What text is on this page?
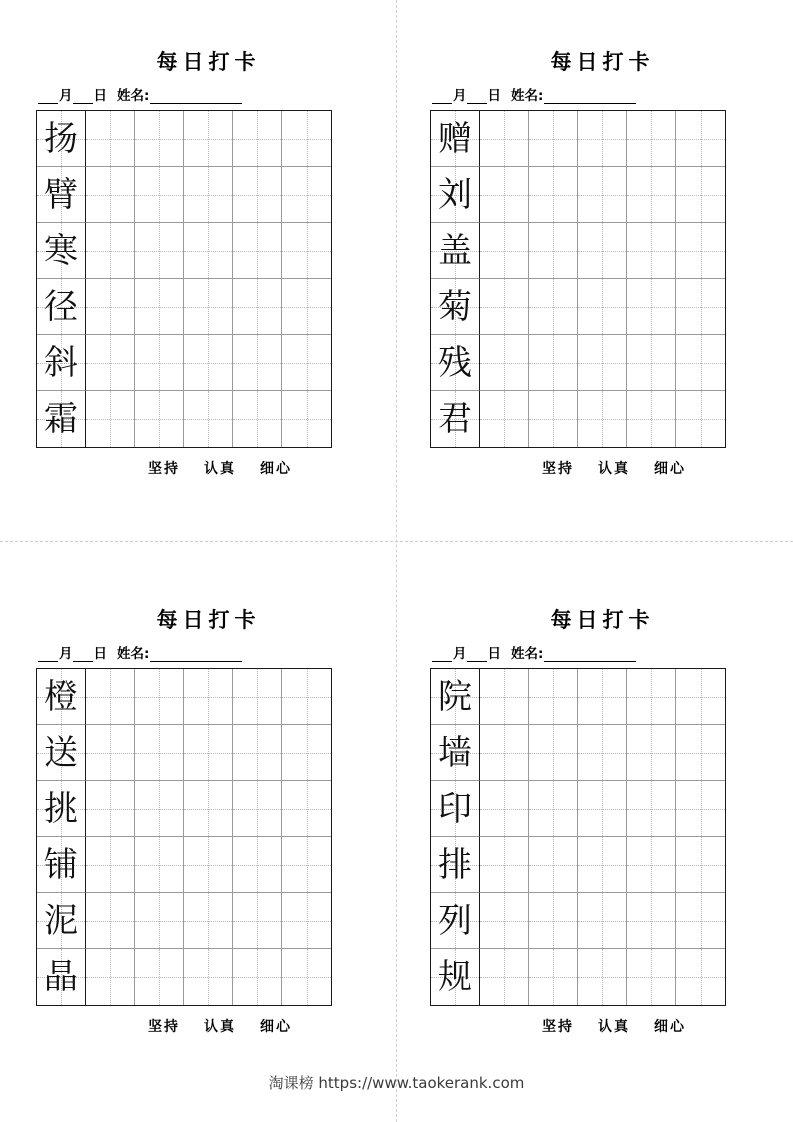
每日打卡
月 日 姓名:
扬
臂
寒
径
斜
霜
坚持 认真 细心
每日打卡
月 日 姓名:
赠
刘
盖
菊
残
君
坚持 认真 细心
每日打卡
月 日 姓名:
橙
送
挑
铺
泥
晶
坚持 认真 细心
每日打卡
月 日 姓名:
院
墙
印
排
列
规
坚持 认真 细心
淘课榜 https://www.taokerank.com
